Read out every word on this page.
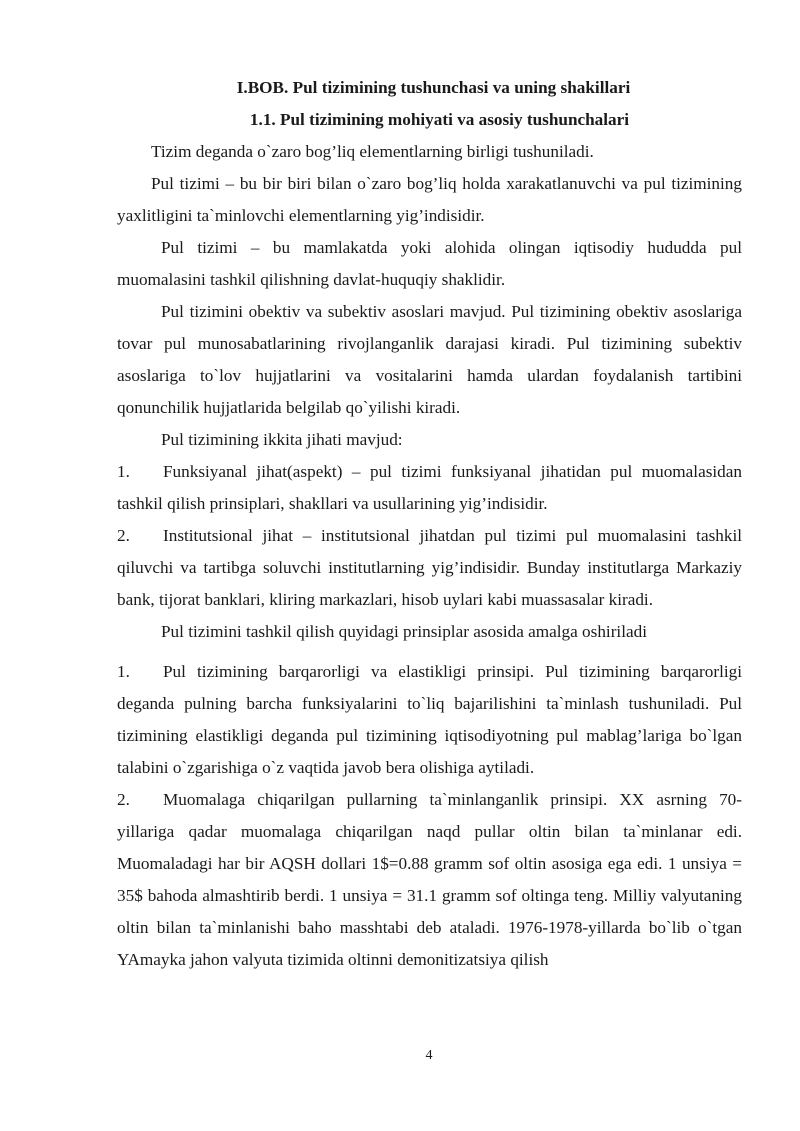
I.BOB. Pul tizimining tushunchasi va uning shakillari
1.1. Pul tizimining mohiyati va asosiy tushunchalari

Tizim deganda o`zaro bog’liq elementlarning birligi tushuniladi.

Pul tizimi – bu bir biri bilan o`zaro bog’liq holda xarakatlanuvchi va pul tizimining yaxlitligini ta`minlovchi elementlarning yig’indisidir.

Pul tizimi – bu mamlakatda yoki alohida olingan iqtisodiy hududda pul muomalasini tashkil qilishning davlat-huquqiy shaklidir.

Pul tizimini obektiv va subektiv asoslari mavjud. Pul tizimining obektiv asoslariga tovar pul munosabatlarining rivojlanganlik darajasi kiradi. Pul tizimining subektiv asoslariga to`lov hujjatlarini va vositalarini hamda ulardan foydalanish tartibini qonunchilik hujjatlarida belgilab qo`yilishi kiradi.

Pul tizimining ikkita jihati mavjud:

1. Funksiyanal jihat(aspekt) – pul tizimi funksiyanal jihatidan pul muomalasidan tashkil qilish prinsiplari, shakllari va usullarining yig’indisidir.

2. Institutsional jihat – institutsional jihatdan pul tizimi pul muomalasini tashkil qiluvchi va tartibga soluvchi institutlarning yig’indisidir. Bunday institutlarga Markaziy bank, tijorat banklari, kliring markazlari, hisob uylari kabi muassasalar kiradi.

Pul tizimini tashkil qilish quyidagi prinsiplar asosida amalga oshiriladi

1. Pul tizimining barqarorligi va elastikligi prinsipi. Pul tizimining barqarorligi deganda pulning barcha funksiyalarini to`liq bajarilishini ta`minlash tushuniladi. Pul tizimining elastikligi deganda pul tizimining iqtisodiyotning pul mablag’lariga bo`lgan talabini o`zgarishiga o`z vaqtida javob bera olishiga aytiladi.

2. Muomalaga chiqarilgan pullarning ta`minlanganlik prinsipi. XX asrning 70-yillariga qadar muomalaga chiqarilgan naqd pullar oltin bilan ta`minlanar edi. Muomaladagi har bir AQSH dollari 1$=0.88 gramm sof oltin asosiga ega edi. 1 unsiya = 35$ bahoda almashtirib berdi. 1 unsiya = 31.1 gramm sof oltinga teng. Milliy valyutaning oltin bilan ta`minlanishi baho masshtabi deb ataladi. 1976-1978-yillarda bo`lib o`tgan YAmayka jahon valyuta tizimida oltinni demonitizatsiya qilish

4
